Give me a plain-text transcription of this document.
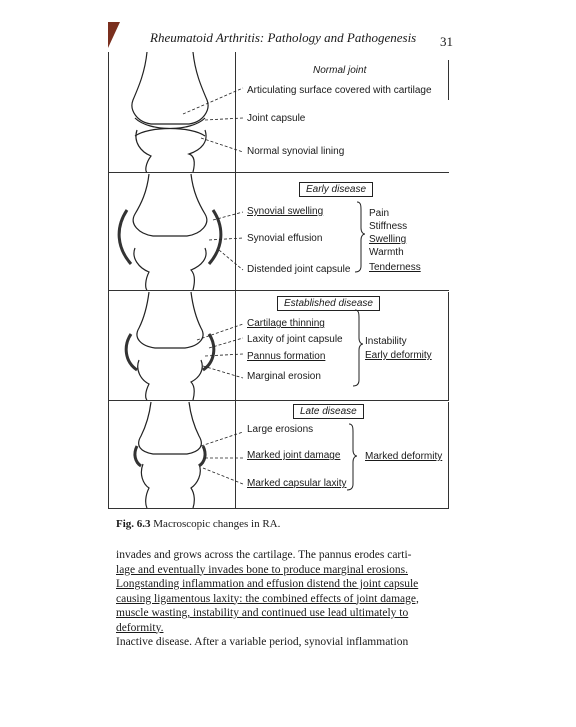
Rheumatoid Arthritis: Pathology and Pathogenesis	31
Normal joint
Articulating surface covered with cartilage
Joint capsule
Normal synovial lining
Early disease
Synovial swelling
Synovial effusion
Distended joint capsule
Pain
Stiffness
Swelling
Warmth
Tenderness
Established disease
Cartilage thinning
Laxity of joint capsule
Pannus formation
Marginal erosion
Instability
Early deformity
Late disease
Large erosions
Marked joint damage
Marked capsular laxity
Marked deformity
Fig. 6.3 Macroscopic changes in RA.

invades and grows across the cartilage. The pannus erodes carti-

lage and eventually invades bone to produce marginal erosions.

Longstanding inflammation and effusion distend the joint capsule

causing ligamentous laxity: the combined effects of joint damage,

muscle wasting, instability and continued use lead ultimately to

deformity.

Inactive disease. After a variable period, synovial inflammation
